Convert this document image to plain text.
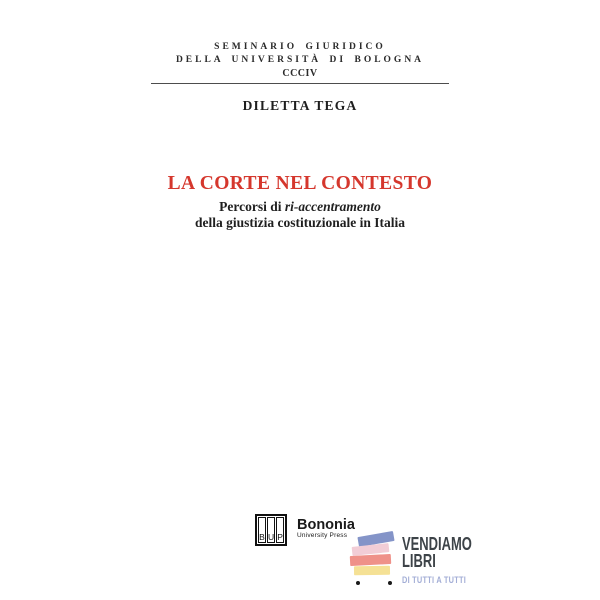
SEMINARIO GIURIDICO
DELLA UNIVERSITÀ DI BOLOGNA
CCCIV
DILETTA TEGA
LA CORTE NEL CONTESTO
Percorsi di ri-accentramento
della giustizia costituzionale in Italia
B U P
Bononia
University Press	VENDIAMO
LIBRI
DI TUTTI A TUTTI
